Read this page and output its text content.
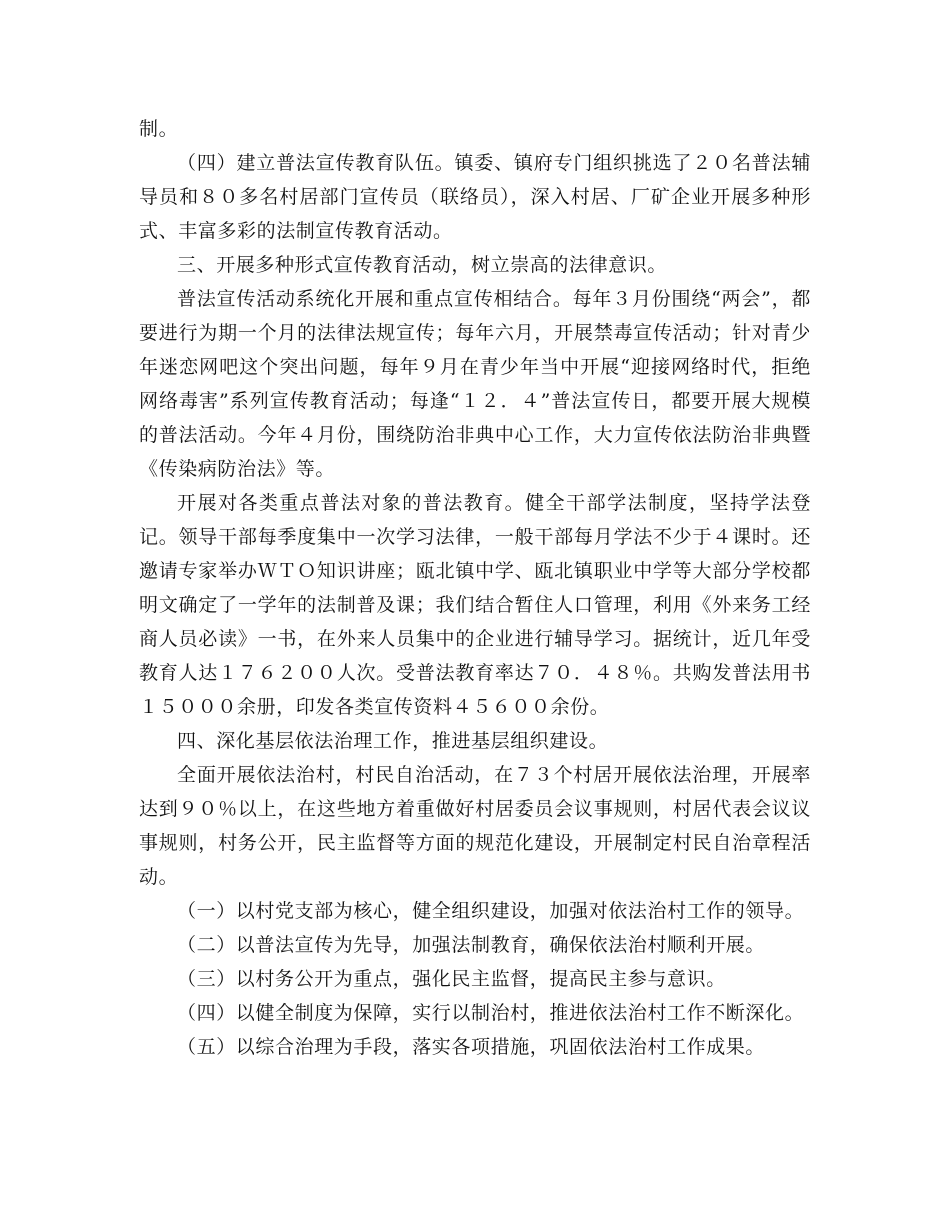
制。

（四）建立普法宣传教育队伍。镇委、镇府专门组织挑选了２０名普法辅导员和８０多名村居部门宣传员（联络员），深入村居、厂矿企业开展多种形式、丰富多彩的法制宣传教育活动。

三、开展多种形式宣传教育活动，树立崇高的法律意识。

普法宣传活动系统化开展和重点宣传相结合。每年３月份围绕“两会”，都要进行为期一个月的法律法规宣传；每年六月，开展禁毒宣传活动；针对青少年迷恋网吧这个突出问题，每年９月在青少年当中开展“迎接网络时代，拒绝网络毒害”系列宣传教育活动；每逢“１２．４”普法宣传日，都要开展大规模的普法活动。今年４月份，围绕防治非典中心工作，大力宣传依法防治非典暨《传染病防治法》等。

开展对各类重点普法对象的普法教育。健全干部学法制度，坚持学法登记。领导干部每季度集中一次学习法律，一般干部每月学法不少于４课时。还邀请专家举办ＷＴＯ知识讲座；瓯北镇中学、瓯北镇职业中学等大部分学校都明文确定了一学年的法制普及课；我们结合暂住人口管理，利用《外来务工经商人员必读》一书，在外来人员集中的企业进行辅导学习。据统计，近几年受教育人达１７６２００人次。受普法教育率达７０．４８％。共购发普法用书１５０００余册，印发各类宣传资料４５６００余份。

四、深化基层依法治理工作，推进基层组织建设。

全面开展依法治村，村民自治活动，在７３个村居开展依法治理，开展率达到９０％以上，在这些地方着重做好村居委员会议事规则，村居代表会议议事规则，村务公开，民主监督等方面的规范化建设，开展制定村民自治章程活动。

（一）以村党支部为核心，健全组织建设，加强对依法治村工作的领导。

（二）以普法宣传为先导，加强法制教育，确保依法治村顺利开展。

（三）以村务公开为重点，强化民主监督，提高民主参与意识。

（四）以健全制度为保障，实行以制治村，推进依法治村工作不断深化。

（五）以综合治理为手段，落实各项措施，巩固依法治村工作成果。
